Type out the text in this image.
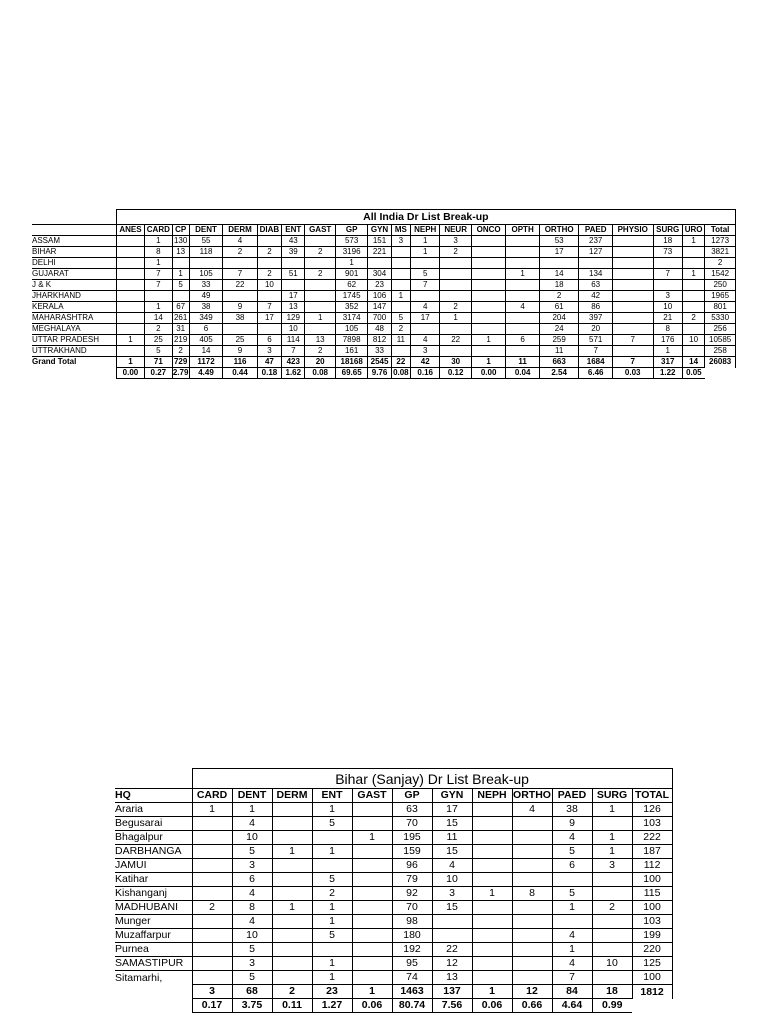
	All India Dr List Break-up																				
	ANES	CARD	CP	DENT	DERM	DIAB	ENT	GAST	GP	GYN	MS	NEPH	NEUR	ONCO	OPTH	ORTHO	PAED	PHYSIO	SURG	URO	Total
ASSAM		1	130	55	4		43		573	151	3	1	3			53	237		18	1	1273
BIHAR		8	13	118	2	2	39	2	3196	221		1	2			17	127		73		3821
DELHI		1							1												2
GUJARAT		7	1	105	7	2	51	2	901	304		5			1	14	134		7	1	1542
J & K		7	5	33	22	10			62	23		7				18	63				250
JHARKHAND				49			17		1745	106	1					2	42		3		1965
KERALA		1	67	38	9	7	13		352	147		4	2		4	61	86		10		801
MAHARASHTRA		14	261	349	38	17	129	1	3174	700	5	17	1			204	397		21	2	5330
MEGHALAYA		2	31	6			10		105	48	2					24	20		8		256
UTTAR PRADESH	1	25	219	405	25	6	114	13	7898	812	11	4	22	1	6	259	571	7	176	10	10585
UTTRAKHAND		5	2	14	9	3	7	2	161	33		3				11	7		1		258
Grand Total	1	71	729	1172	116	47	423	20	18168	2545	22	42	30	1	11	663	1684	7	317	14	26083
	0.00	0.27	2.79	4.49	0.44	0.18	1.62	0.08	69.65	9.76	0.08	0.16	0.12	0.00	0.04	2.54	6.46	0.03	1.22	0.05	
	Bihar (Sanjay) Dr List Break-up											
HQ	CARD	DENT	DERM	ENT	GAST	GP	GYN	NEPH	ORTHO	PAED	SURG	TOTAL
Araria	1	1		1		63	17		4	38	1	126
Begusarai		4		5		70	15			9		103
Bhagalpur		10			1	195	11			4	1	222
DARBHANGA		5	1	1		159	15			5	1	187
JAMUI		3				96	4			6	3	112
Katihar		6		5		79	10					100
Kishanganj		4		2		92	3	1	8	5		115
MADHUBANI	2	8	1	1		70	15			1	2	100
Munger		4		1		98						103
Muzaffarpur		10		5		180				4		199
Purnea		5				192	22			1		220
SAMASTIPUR		3		1		95	12			4	10	125
Sitamarhi,		5		1		74	13			7		100
	3	68	2	23	1	1463	137	1	12	84	18	1812
	0.17	3.75	0.11	1.27	0.06	80.74	7.56	0.06	0.66	4.64	0.99	
